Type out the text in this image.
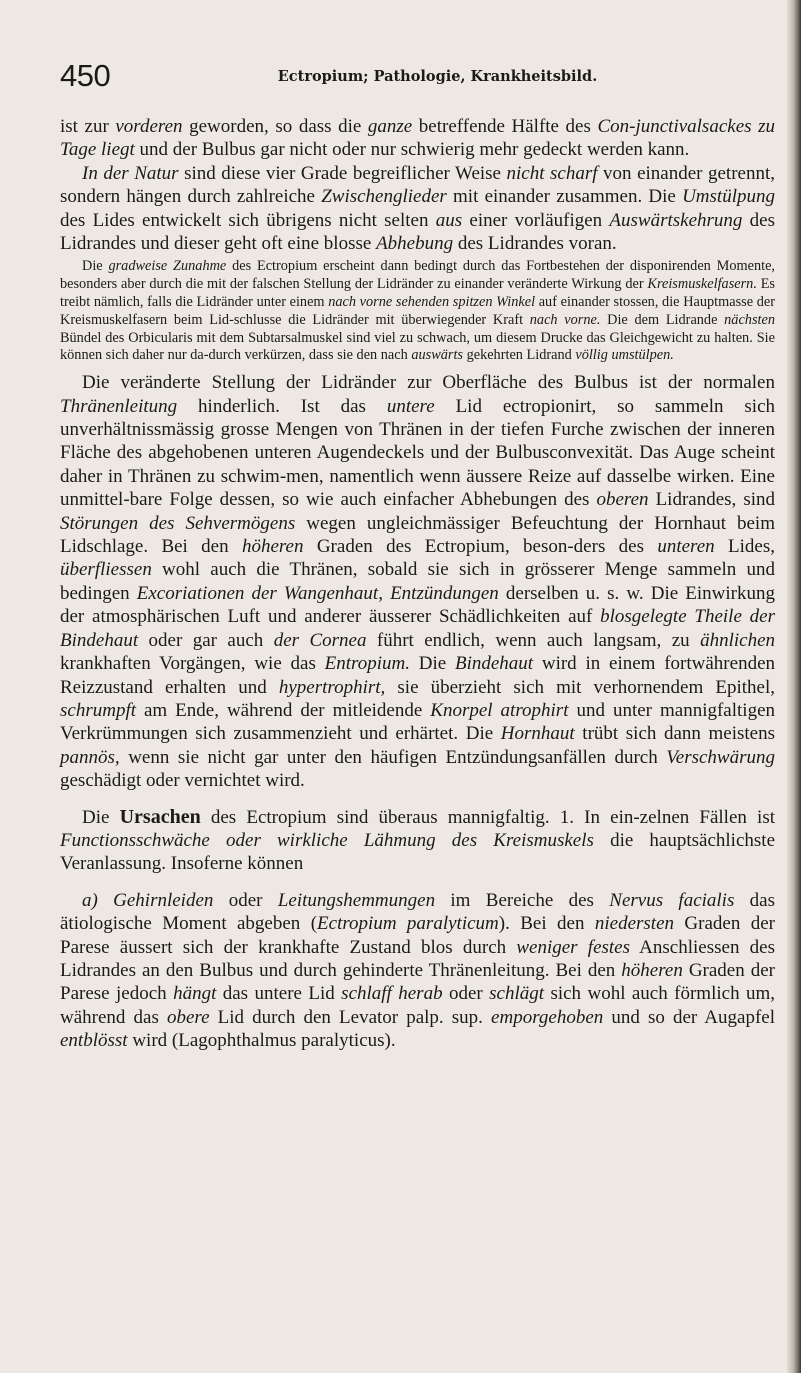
450	Ectropium; Pathologie, Krankheitsbild.

ist zur vorderen geworden, so dass die ganze betreffende Hälfte des Con-junctivalsackes zu Tage liegt und der Bulbus gar nicht oder nur schwierig mehr gedeckt werden kann.

In der Natur sind diese vier Grade begreiflicher Weise nicht scharf von einander getrennt, sondern hängen durch zahlreiche Zwischenglieder mit einander zusammen. Die Umstülpung des Lides entwickelt sich übrigens nicht selten aus einer vorläufigen Auswärtskehrung des Lidrandes und dieser geht oft eine blosse Abhebung des Lidrandes voran.

Die gradweise Zunahme des Ectropium erscheint dann bedingt durch das Fortbestehen der disponirenden Momente, besonders aber durch die mit der falschen Stellung der Lidränder zu einander veränderte Wirkung der Kreismuskelfasern. Es treibt nämlich, falls die Lidränder unter einem nach vorne sehenden spitzen Winkel auf einander stossen, die Hauptmasse der Kreismuskelfasern beim Lid-schlusse die Lidränder mit überwiegender Kraft nach vorne. Die dem Lidrande nächsten Bündel des Orbicularis mit dem Subtarsalmuskel sind viel zu schwach, um diesem Drucke das Gleichgewicht zu halten. Sie können sich daher nur da-durch verkürzen, dass sie den nach auswärts gekehrten Lidrand völlig umstülpen.

Die veränderte Stellung der Lidränder zur Oberfläche des Bulbus ist der normalen Thränenleitung hinderlich. Ist das untere Lid ectropionirt, so sammeln sich unverhältnissmässig grosse Mengen von Thränen in der tiefen Furche zwischen der inneren Fläche des abgehobenen unteren Augendeckels und der Bulbusconvexität. Das Auge scheint daher in Thränen zu schwim-men, namentlich wenn äussere Reize auf dasselbe wirken. Eine unmittel-bare Folge dessen, so wie auch einfacher Abhebungen des oberen Lidrandes, sind Störungen des Sehvermögens wegen ungleichmässiger Befeuchtung der Hornhaut beim Lidschlage. Bei den höheren Graden des Ectropium, beson-ders des unteren Lides, überfliessen wohl auch die Thränen, sobald sie sich in grösserer Menge sammeln und bedingen Excoriationen der Wangenhaut, Entzündungen derselben u. s. w. Die Einwirkung der atmosphärischen Luft und anderer äusserer Schädlichkeiten auf blosgelegte Theile der Bindehaut oder gar auch der Cornea führt endlich, wenn auch langsam, zu ähnlichen krankhaften Vorgängen, wie das Entropium. Die Bindehaut wird in einem fortwährenden Reizzustand erhalten und hypertrophirt, sie überzieht sich mit verhornendem Epithel, schrumpft am Ende, während der mitleidende Knorpel atrophirt und unter mannigfaltigen Verkrümmungen sich zusammenzieht und erhärtet. Die Hornhaut trübt sich dann meistens pannös, wenn sie nicht gar unter den häufigen Entzündungsanfällen durch Verschwärung geschädigt oder vernichtet wird.

Die Ursachen des Ectropium sind überaus mannigfaltig. 1. In ein-zelnen Fällen ist Functionsschwäche oder wirkliche Lähmung des Kreismuskels die hauptsächlichste Veranlassung. Insoferne können

a) Gehirnleiden oder Leitungshemmungen im Bereiche des Nervus facialis das ätiologische Moment abgeben (Ectropium paralyticum). Bei den niedersten Graden der Parese äussert sich der krankhafte Zustand blos durch weniger festes Anschliessen des Lidrandes an den Bulbus und durch gehinderte Thränenleitung. Bei den höheren Graden der Parese jedoch hängt das untere Lid schlaff herab oder schlägt sich wohl auch förmlich um, während das obere Lid durch den Levator palp. sup. emporgehoben und so der Augapfel entblösst wird (Lagophthalmus paralyticus).
